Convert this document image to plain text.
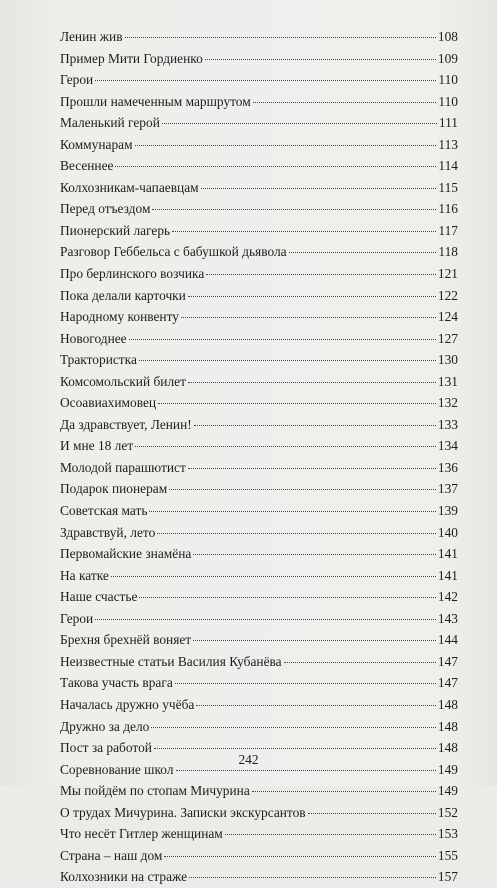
Ленин жив	108
Пример Мити Гордиенко	109
Герои	110
Прошли намеченным маршрутом	110
Маленький герой	111
Коммунарам	113
Весеннее	114
Колхозникам-чапаевцам	115
Перед отъездом	116
Пионерский лагерь	117
Разговор Геббельса с бабушкой дьявола	118
Про берлинского возчика	121
Пока делали карточки	122
Народному конвенту	124
Новогоднее	127
Трактористка	130
Комсомольский билет	131
Осоавиахимовец	132
Да здравствует, Ленин!	133
И мне 18 лет	134
Молодой парашютист	136
Подарок пионерам	137
Советская мать	139
Здравствуй, лето	140
Первомайские знамёна	141
На катке	141
Наше счастье	142
Герои	143
Брехня брехнёй воняет	144
Неизвестные статьи Василия Кубанёва	147
Такова участь врага	147
Началась дружно учёба	148
Дружно за дело	148
Пост за работой	148
Соревнование школ	149
Мы пойдём по стопам Мичурина	149
О трудах Мичурина. Записки экскурсантов	152
Что несёт Гитлер женщинам	153
Страна – наш дом	155
Колхозники на страже	157
242
